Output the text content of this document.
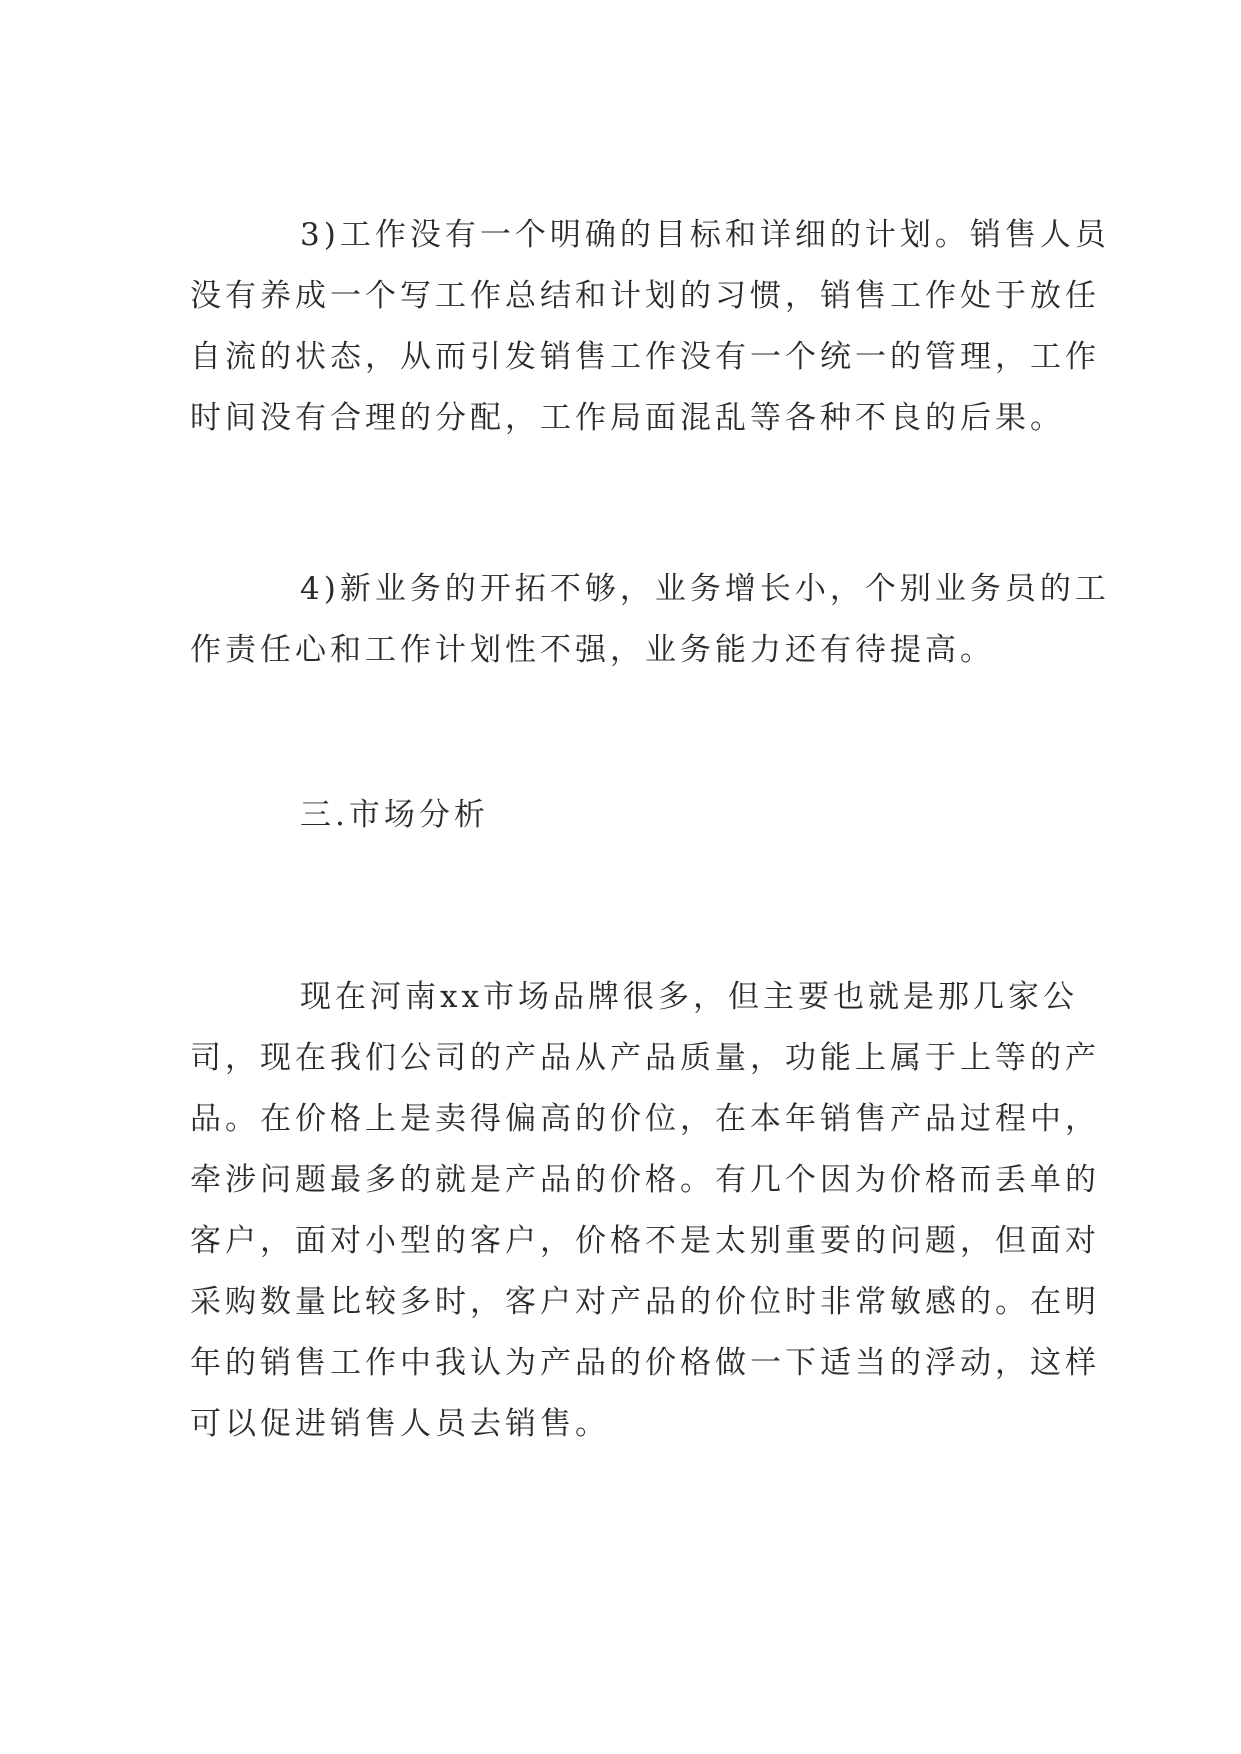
3)工作没有一个明确的目标和详细的计划。销售人员
没有养成一个写工作总结和计划的习惯，销售工作处于放任
自流的状态，从而引发销售工作没有一个统一的管理，工作
时间没有合理的分配，工作局面混乱等各种不良的后果。
4)新业务的开拓不够，业务增长小，个别业务员的工
作责任心和工作计划性不强，业务能力还有待提高。
三.市场分析
现在河南xx市场品牌很多，但主要也就是那几家公
司，现在我们公司的产品从产品质量，功能上属于上等的产
品。在价格上是卖得偏高的价位，在本年销售产品过程中，
牵涉问题最多的就是产品的价格。有几个因为价格而丢单的
客户，面对小型的客户，价格不是太别重要的问题，但面对
采购数量比较多时，客户对产品的价位时非常敏感的。在明
年的销售工作中我认为产品的价格做一下适当的浮动，这样
可以促进销售人员去销售。
